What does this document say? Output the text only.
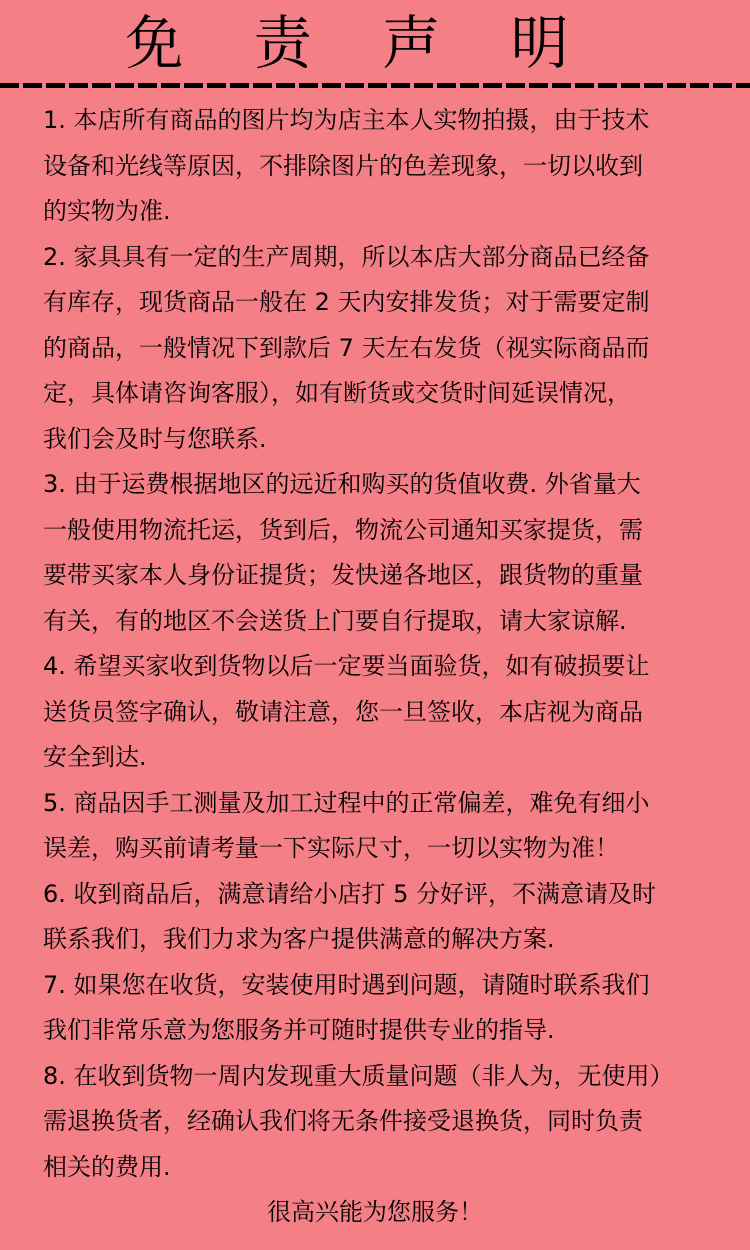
免 责 声 明
1. 本店所有商品的图片均为店主本人实物拍摄，由于技术
设备和光线等原因，不排除图片的色差现象，一切以收到
的实物为准.
2. 家具具有一定的生产周期，所以本店大部分商品已经备
有库存，现货商品一般在 2 天内安排发货；对于需要定制
的商品，一般情况下到款后 7 天左右发货（视实际商品而
定，具体请咨询客服），如有断货或交货时间延误情况，
我们会及时与您联系.
3. 由于运费根据地区的远近和购买的货值收费. 外省量大
一般使用物流托运，货到后，物流公司通知买家提货，需
要带买家本人身份证提货；发快递各地区，跟货物的重量
有关，有的地区不会送货上门要自行提取，请大家谅解.
4. 希望买家收到货物以后一定要当面验货，如有破损要让
送货员签字确认，敬请注意，您一旦签收，本店视为商品
安全到达.
5. 商品因手工测量及加工过程中的正常偏差，难免有细小
误差，购买前请考量一下实际尺寸，一切以实物为准！
6. 收到商品后，满意请给小店打 5 分好评，不满意请及时
联系我们，我们力求为客户提供满意的解决方案.
7. 如果您在收货，安装使用时遇到问题，请随时联系我们
我们非常乐意为您服务并可随时提供专业的指导.
8. 在收到货物一周内发现重大质量问题（非人为，无使用）
需退换货者，经确认我们将无条件接受退换货，同时负责
相关的费用.
很高兴能为您服务！
